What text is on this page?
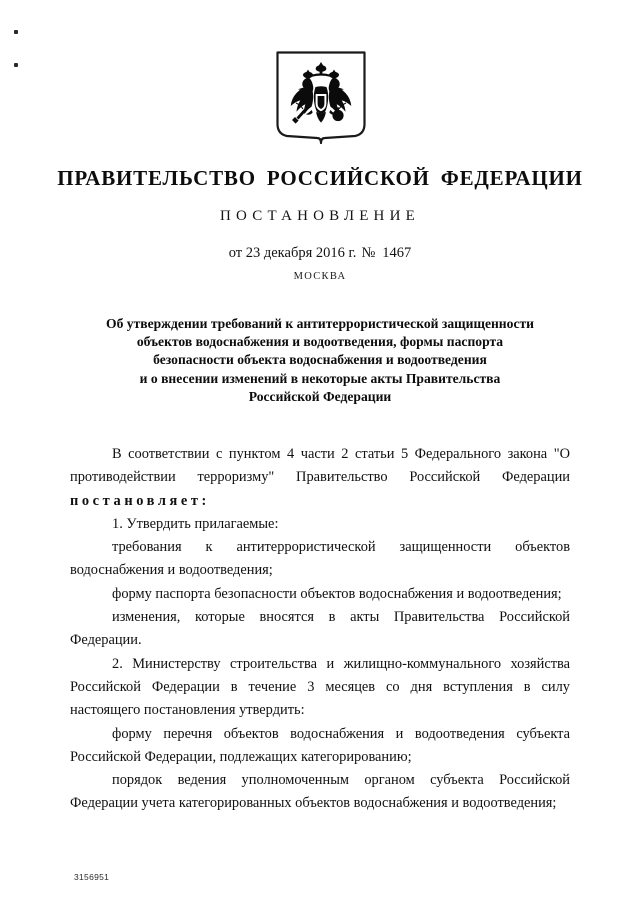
ПРАВИТЕЛЬСТВО РОССИЙСКОЙ ФЕДЕРАЦИИ
ПОСТАНОВЛЕНИЕ
от 23 декабря 2016 г. № 1467
МОСКВА
Об утверждении требований к антитеррористической защищенности
объектов водоснабжения и водоотведения, формы паспорта
безопасности объекта водоснабжения и водоотведения
и о внесении изменений в некоторые акты Правительства
Российской Федерации

В соответствии с пунктом 4 части 2 статьи 5 Федерального закона "О противодействии терроризму" Правительство Российской Федерации

постановляет:

1. Утвердить прилагаемые:

требования к антитеррористической защищенности объектов водоснабжения и водоотведения;

форму паспорта безопасности объектов водоснабжения и водоотведения;

изменения, которые вносятся в акты Правительства Российской Федерации.

2. Министерству строительства и жилищно-коммунального хозяйства Российской Федерации в течение 3 месяцев со дня вступления в силу настоящего постановления утвердить:

форму перечня объектов водоснабжения и водоотведения субъекта Российской Федерации, подлежащих категорированию;

порядок ведения уполномоченным органом субъекта Российской Федерации учета категорированных объектов водоснабжения и водоотведения;

3156951
